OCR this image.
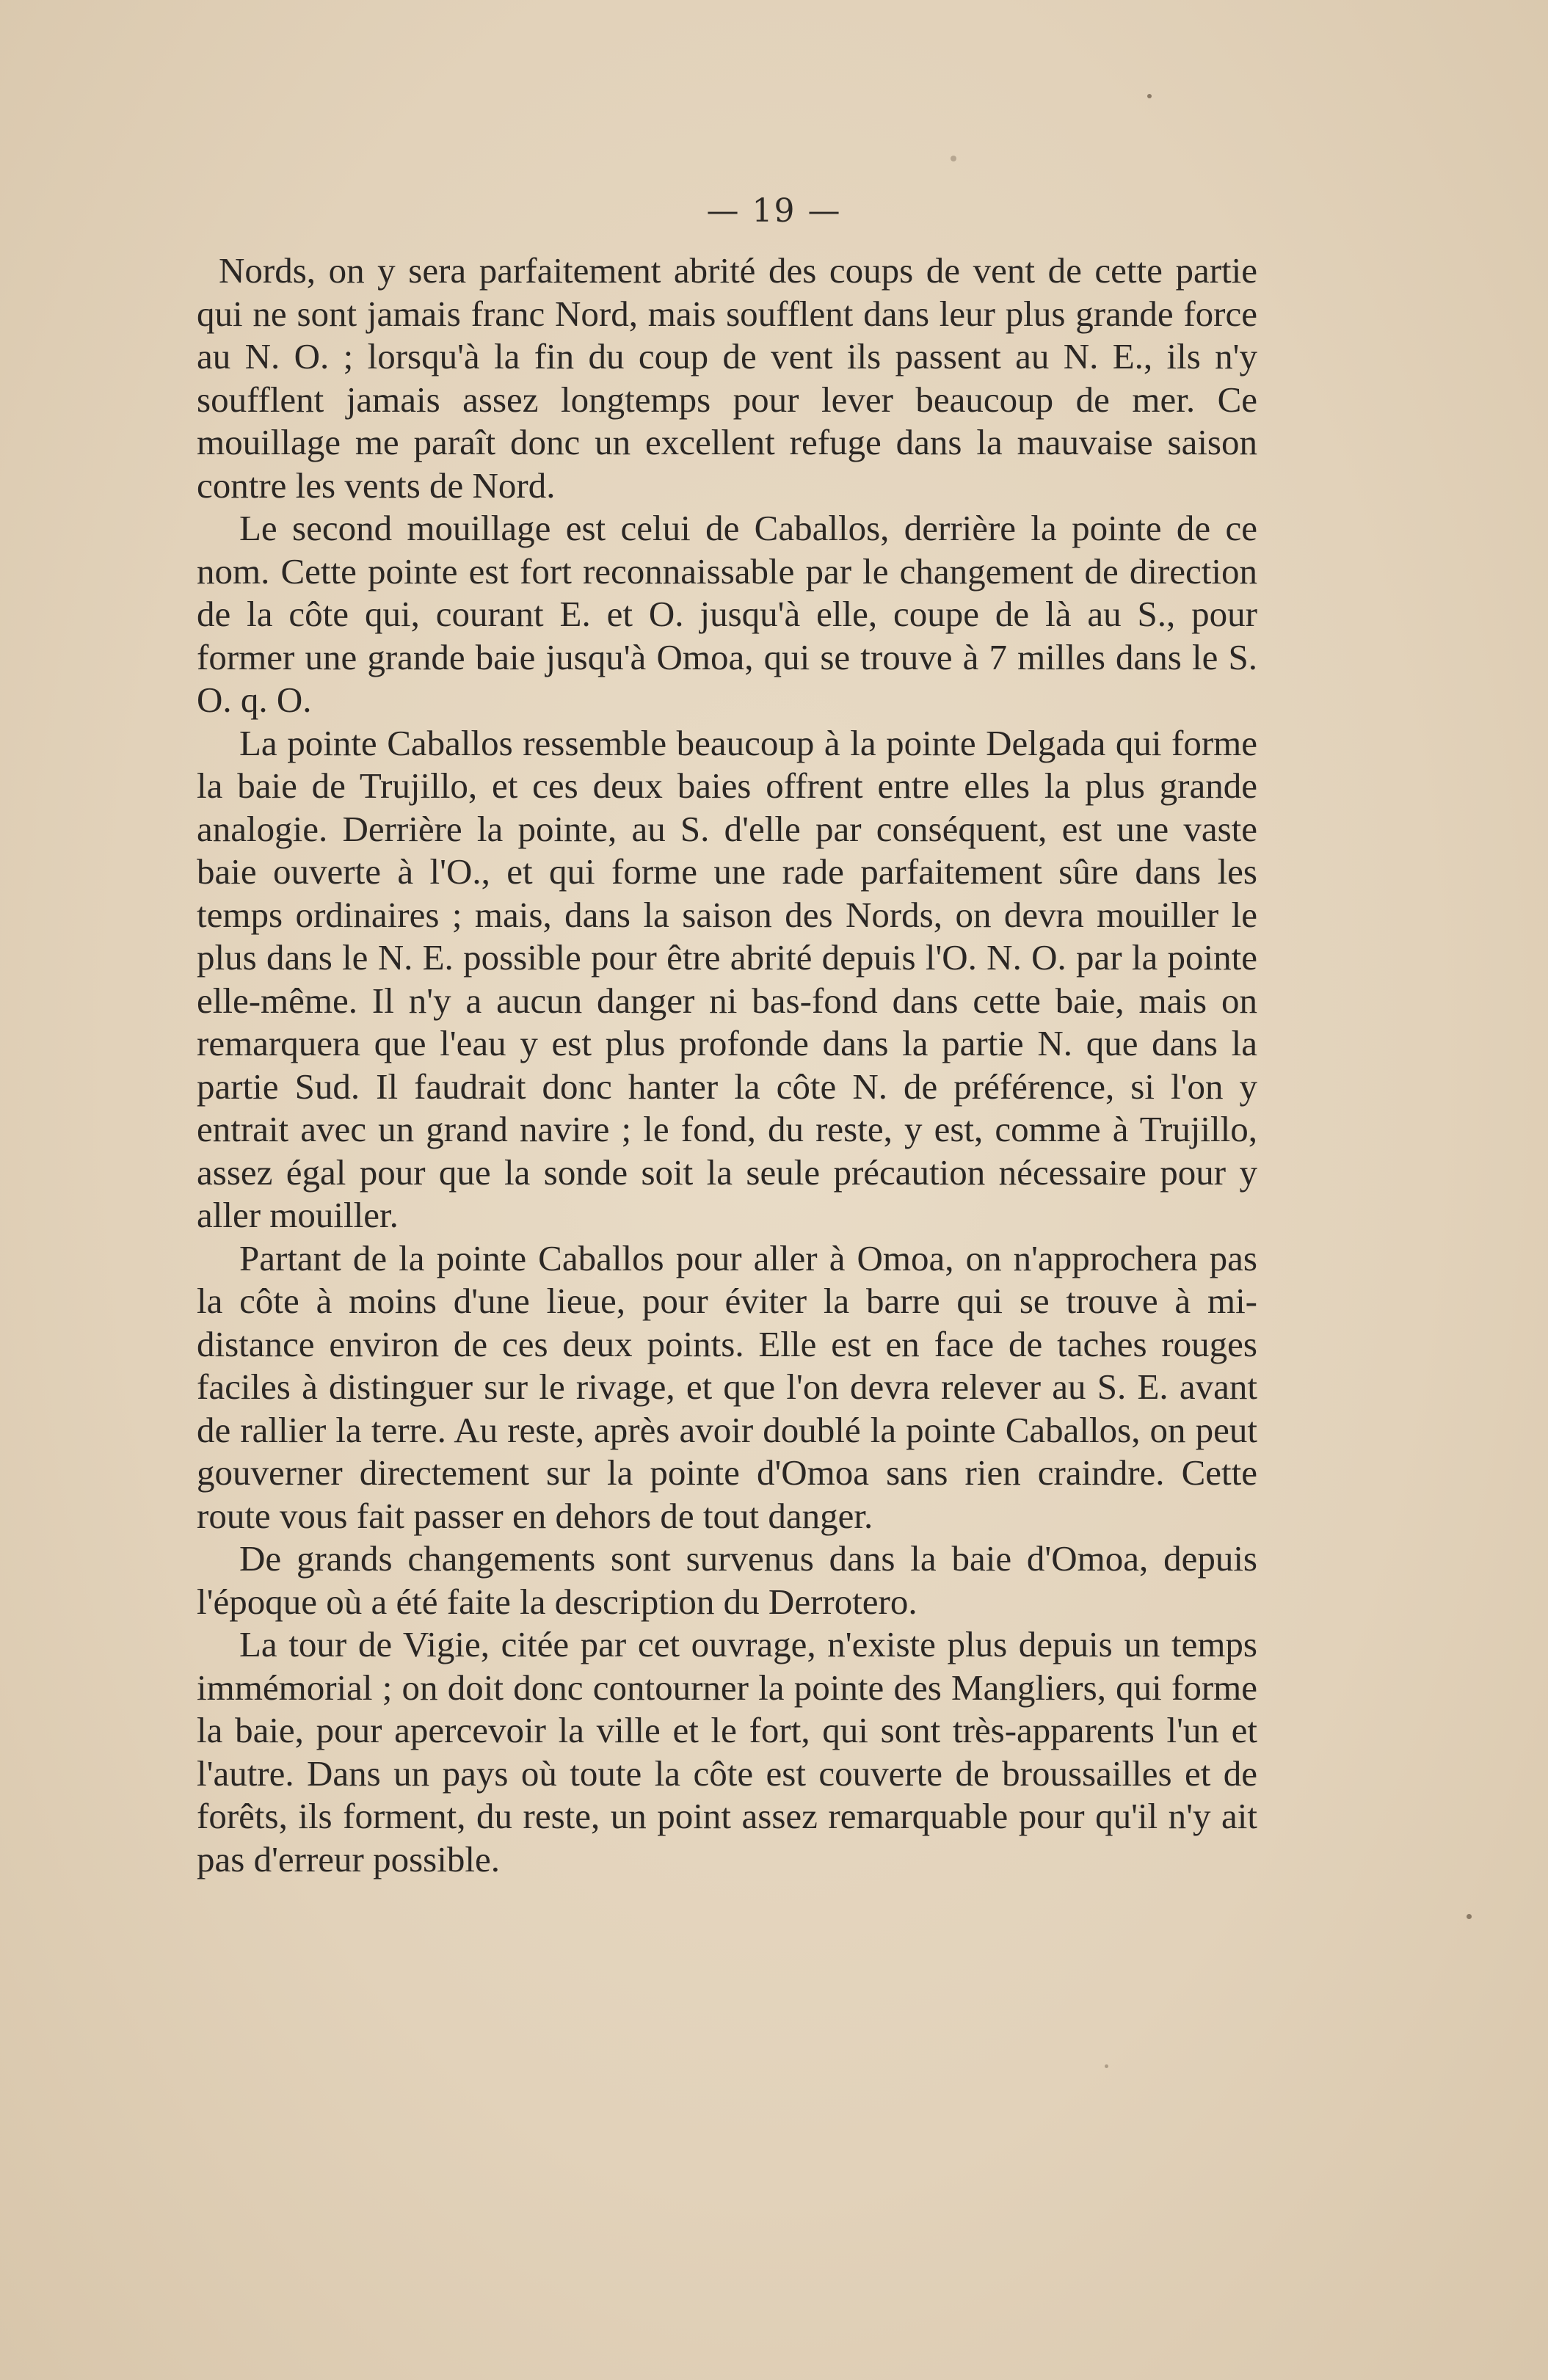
— 19 —

Nords, on y sera parfaitement abrité des coups de vent de cette partie qui ne sont jamais franc Nord, mais soufflent dans leur plus grande force au N. O. ; lorsqu'à la fin du coup de vent ils passent au N. E., ils n'y soufflent jamais assez longtemps pour lever beaucoup de mer. Ce mouillage me paraît donc un excellent refuge dans la mauvaise saison contre les vents de Nord.

Le second mouillage est celui de Caballos, derrière la pointe de ce nom. Cette pointe est fort reconnaissable par le changement de direction de la côte qui, courant E. et O. jusqu'à elle, coupe de là au S., pour former une grande baie jusqu'à Omoa, qui se trouve à 7 milles dans le S. O. q. O.

La pointe Caballos ressemble beaucoup à la pointe Delgada qui forme la baie de Trujillo, et ces deux baies offrent entre elles la plus grande analogie. Derrière la pointe, au S. d'elle par conséquent, est une vaste baie ouverte à l'O., et qui forme une rade parfaitement sûre dans les temps ordinaires ; mais, dans la saison des Nords, on devra mouiller le plus dans le N. E. possible pour être abrité depuis l'O. N. O. par la pointe elle-même. Il n'y a aucun danger ni bas-fond dans cette baie, mais on remarquera que l'eau y est plus profonde dans la partie N. que dans la partie Sud. Il faudrait donc hanter la côte N. de préférence, si l'on y entrait avec un grand navire ; le fond, du reste, y est, comme à Trujillo, assez égal pour que la sonde soit la seule précaution nécessaire pour y aller mouiller.

Partant de la pointe Caballos pour aller à Omoa, on n'approchera pas la côte à moins d'une lieue, pour éviter la barre qui se trouve à mi-distance environ de ces deux points. Elle est en face de taches rouges faciles à distinguer sur le rivage, et que l'on devra relever au S. E. avant de rallier la terre. Au reste, après avoir doublé la pointe Caballos, on peut gouverner directement sur la pointe d'Omoa sans rien craindre. Cette route vous fait passer en dehors de tout danger.

De grands changements sont survenus dans la baie d'Omoa, depuis l'époque où a été faite la description du Derrotero.

La tour de Vigie, citée par cet ouvrage, n'existe plus depuis un temps immémorial ; on doit donc contourner la pointe des Mangliers, qui forme la baie, pour apercevoir la ville et le fort, qui sont très-apparents l'un et l'autre. Dans un pays où toute la côte est couverte de broussailles et de forêts, ils forment, du reste, un point assez remarquable pour qu'il n'y ait pas d'erreur possible.
